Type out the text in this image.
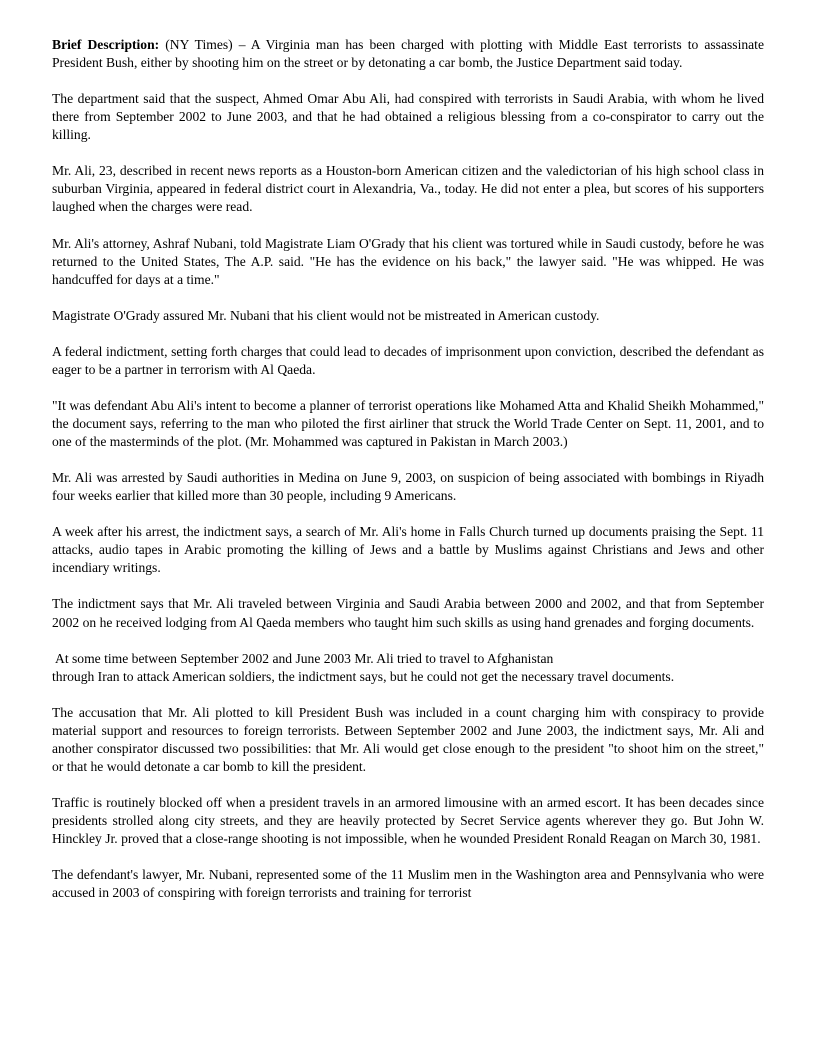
Brief Description: (NY Times) – A Virginia man has been charged with plotting with Middle East terrorists to assassinate President Bush, either by shooting him on the street or by detonating a car bomb, the Justice Department said today.

The department said that the suspect, Ahmed Omar Abu Ali, had conspired with terrorists in Saudi Arabia, with whom he lived there from September 2002 to June 2003, and that he had obtained a religious blessing from a co-conspirator to carry out the killing.

Mr. Ali, 23, described in recent news reports as a Houston-born American citizen and the valedictorian of his high school class in suburban Virginia, appeared in federal district court in Alexandria, Va., today. He did not enter a plea, but scores of his supporters laughed when the charges were read.

Mr. Ali's attorney, Ashraf Nubani, told Magistrate Liam O'Grady that his client was tortured while in Saudi custody, before he was returned to the United States, The A.P. said. "He has the evidence on his back," the lawyer said. "He was whipped. He was handcuffed for days at a time."

Magistrate O'Grady assured Mr. Nubani that his client would not be mistreated in American custody.

A federal indictment, setting forth charges that could lead to decades of imprisonment upon conviction, described the defendant as eager to be a partner in terrorism with Al Qaeda.

"It was defendant Abu Ali's intent to become a planner of terrorist operations like Mohamed Atta and Khalid Sheikh Mohammed," the document says, referring to the man who piloted the first airliner that struck the World Trade Center on Sept. 11, 2001, and to one of the masterminds of the plot. (Mr. Mohammed was captured in Pakistan in March 2003.)

Mr. Ali was arrested by Saudi authorities in Medina on June 9, 2003, on suspicion of being associated with bombings in Riyadh four weeks earlier that killed more than 30 people, including 9 Americans.

A week after his arrest, the indictment says, a search of Mr. Ali's home in Falls Church turned up documents praising the Sept. 11 attacks, audio tapes in Arabic promoting the killing of Jews and a battle by Muslims against Christians and Jews and other incendiary writings.

The indictment says that Mr. Ali traveled between Virginia and Saudi Arabia between 2000 and 2002, and that from September 2002 on he received lodging from Al Qaeda members who taught him such skills as using hand grenades and forging documents.

At some time between September 2002 and June 2003 Mr. Ali tried to travel to Afghanistan
through Iran to attack American soldiers, the indictment says, but he could not get the necessary travel documents.

The accusation that Mr. Ali plotted to kill President Bush was included in a count charging him with conspiracy to provide material support and resources to foreign terrorists. Between September 2002 and June 2003, the indictment says, Mr. Ali and another conspirator discussed two possibilities: that Mr. Ali would get close enough to the president "to shoot him on the street," or that he would detonate a car bomb to kill the president.

Traffic is routinely blocked off when a president travels in an armored limousine with an armed escort. It has been decades since presidents strolled along city streets, and they are heavily protected by Secret Service agents wherever they go. But John W. Hinckley Jr. proved that a close-range shooting is not impossible, when he wounded President Ronald Reagan on March 30, 1981.

The defendant's lawyer, Mr. Nubani, represented some of the 11 Muslim men in the Washington area and Pennsylvania who were accused in 2003 of conspiring with foreign terrorists and training for terrorist
